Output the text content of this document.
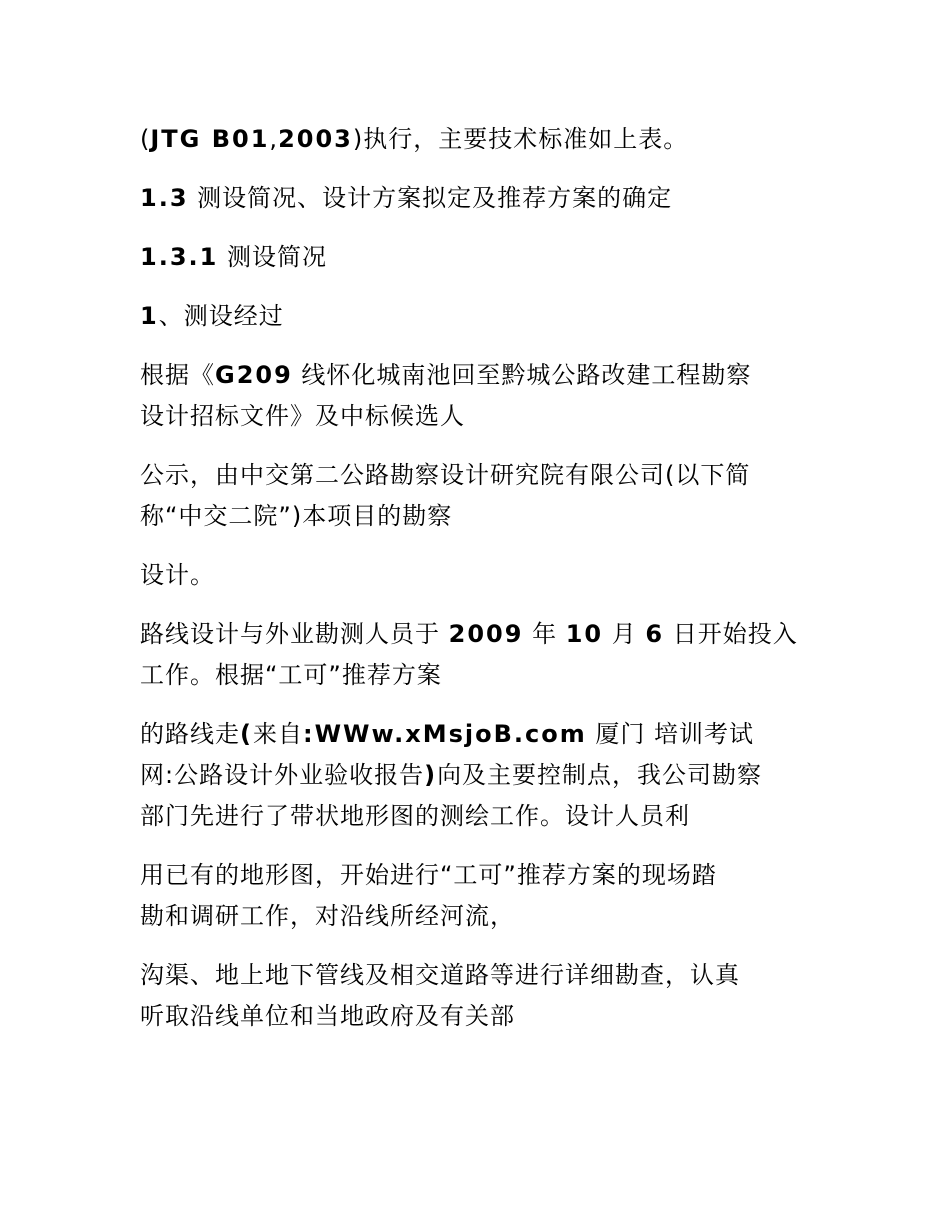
(JTG B01,2003)执行，主要技术标准如上表。
1.3 测设简况、设计方案拟定及推荐方案的确定
1.3.1 测设简况
1、测设经过
根据《G209 线怀化城南池回至黔城公路改建工程勘察
设计招标文件》及中标候选人
公示，由中交第二公路勘察设计研究院有限公司(以下简
称“中交二院”)本项目的勘察
设计。
路线设计与外业勘测人员于 2009 年 10 月 6 日开始投入
工作。根据“工可”推荐方案
的路线走(来自:WWw.xMsjoB.com 厦门 培训考试
网:公路设计外业验收报告)向及主要控制点，我公司勘察
部门先进行了带状地形图的测绘工作。设计人员利
用已有的地形图，开始进行“工可”推荐方案的现场踏
勘和调研工作，对沿线所经河流，
沟渠、地上地下管线及相交道路等进行详细勘查，认真
听取沿线单位和当地政府及有关部
